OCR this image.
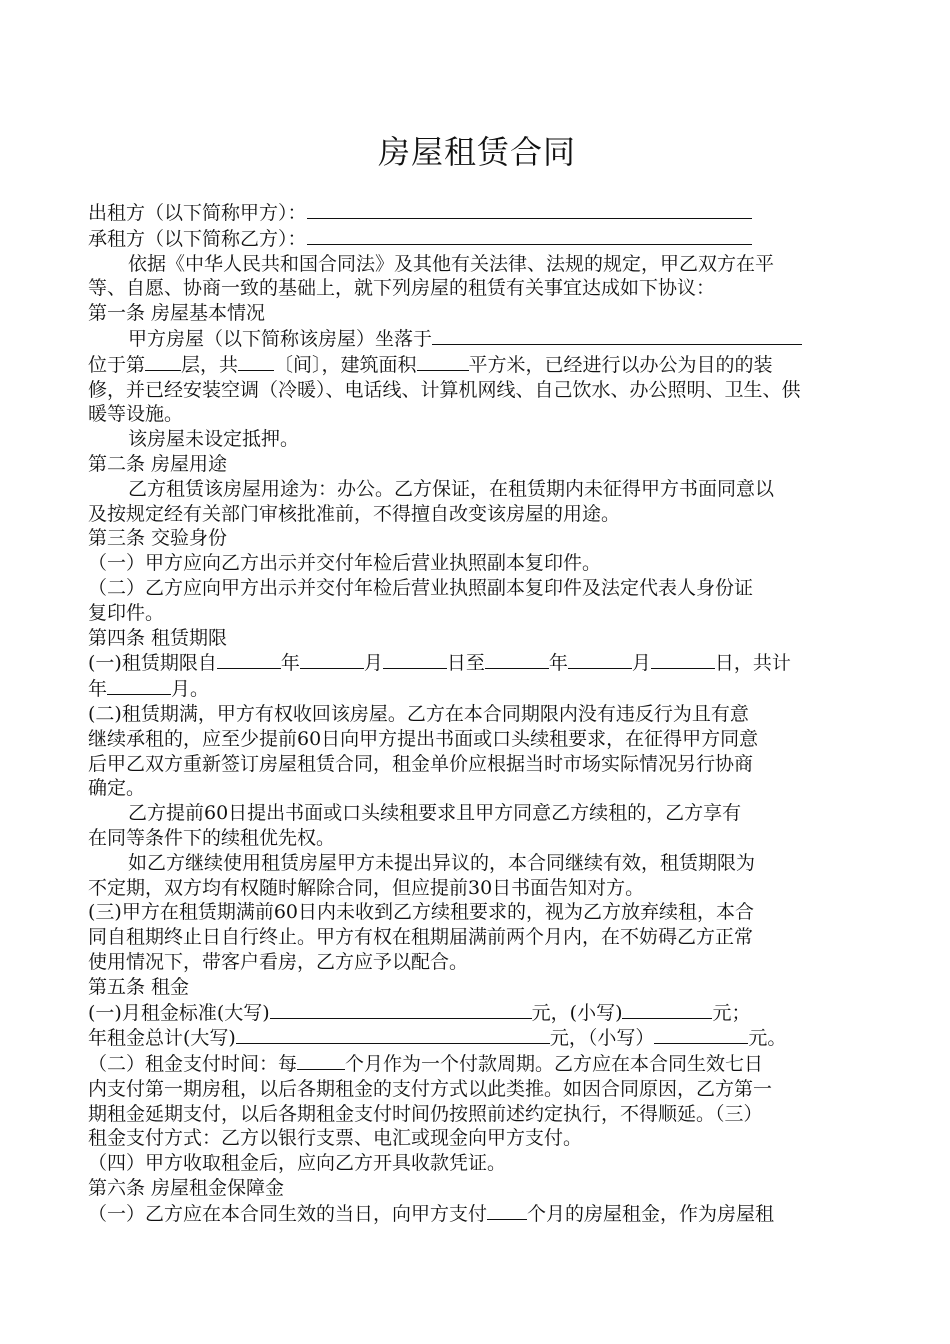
房屋租赁合同
出租方（以下简称甲方）：
承租方（以下简称乙方）：
依据《中华人民共和国合同法》及其他有关法律、法规的规定，甲乙双方在平
等、自愿、协商一致的基础上，就下列房屋的租赁有关事宜达成如下协议：
第一条 房屋基本情况
甲方房屋（以下简称该房屋）坐落于
位于第 层，共 〔间〕，建筑面积	平方米，已经进行以办公为目的的装
修，并已经安装空调（冷暖）、电话线、计算机网线、自己饮水、办公照明、卫生、供
暖等设施。
该房屋未设定抵押。
第二条 房屋用途
乙方租赁该房屋用途为：办公。乙方保证，在租赁期内未征得甲方书面同意以
及按规定经有关部门审核批准前，不得擅自改变该房屋的用途。
第三条 交验身份
（一）甲方应向乙方出示并交付年检后营业执照副本复印件。
（二）乙方应向甲方出示并交付年检后营业执照副本复印件及法定代表人身份证
复印件。
第四条 租赁期限
(一)租赁期限自	年	月	日至	年	月	日，共计
年	月。
(二)租赁期满，甲方有权收回该房屋。乙方在本合同期限内没有违反行为且有意
继续承租的，应至少提前60日向甲方提出书面或口头续租要求，在征得甲方同意
后甲乙双方重新签订房屋租赁合同，租金单价应根据当时市场实际情况另行协商
确定。
乙方提前60日提出书面或口头续租要求且甲方同意乙方续租的，乙方享有
在同等条件下的续租优先权。
如乙方继续使用租赁房屋甲方未提出异议的，本合同继续有效，租赁期限为
不定期，双方均有权随时解除合同，但应提前30日书面告知对方。
(三)甲方在租赁期满前60日内未收到乙方续租要求的，视为乙方放弃续租，本合
同自租期终止日自行终止。甲方有权在租期届满前两个月内，在不妨碍乙方正常
使用情况下，带客户看房，乙方应予以配合。
第五条 租金
(一)月租金标准(大写)	元，(小写)	元；
年租金总计(大写)	元，（小写）	元。
（二）租金支付时间：每	个月作为一个付款周期。乙方应在本合同生效七日
内支付第一期房租，以后各期租金的支付方式以此类推。如因合同原因，乙方第一
期租金延期支付，以后各期租金支付时间仍按照前述约定执行，不得顺延。（三）
租金支付方式：乙方以银行支票、电汇或现金向甲方支付。
（四）甲方收取租金后，应向乙方开具收款凭证。
第六条 房屋租金保障金
（一）乙方应在本合同生效的当日，向甲方支付 个月的房屋租金，作为房屋租
